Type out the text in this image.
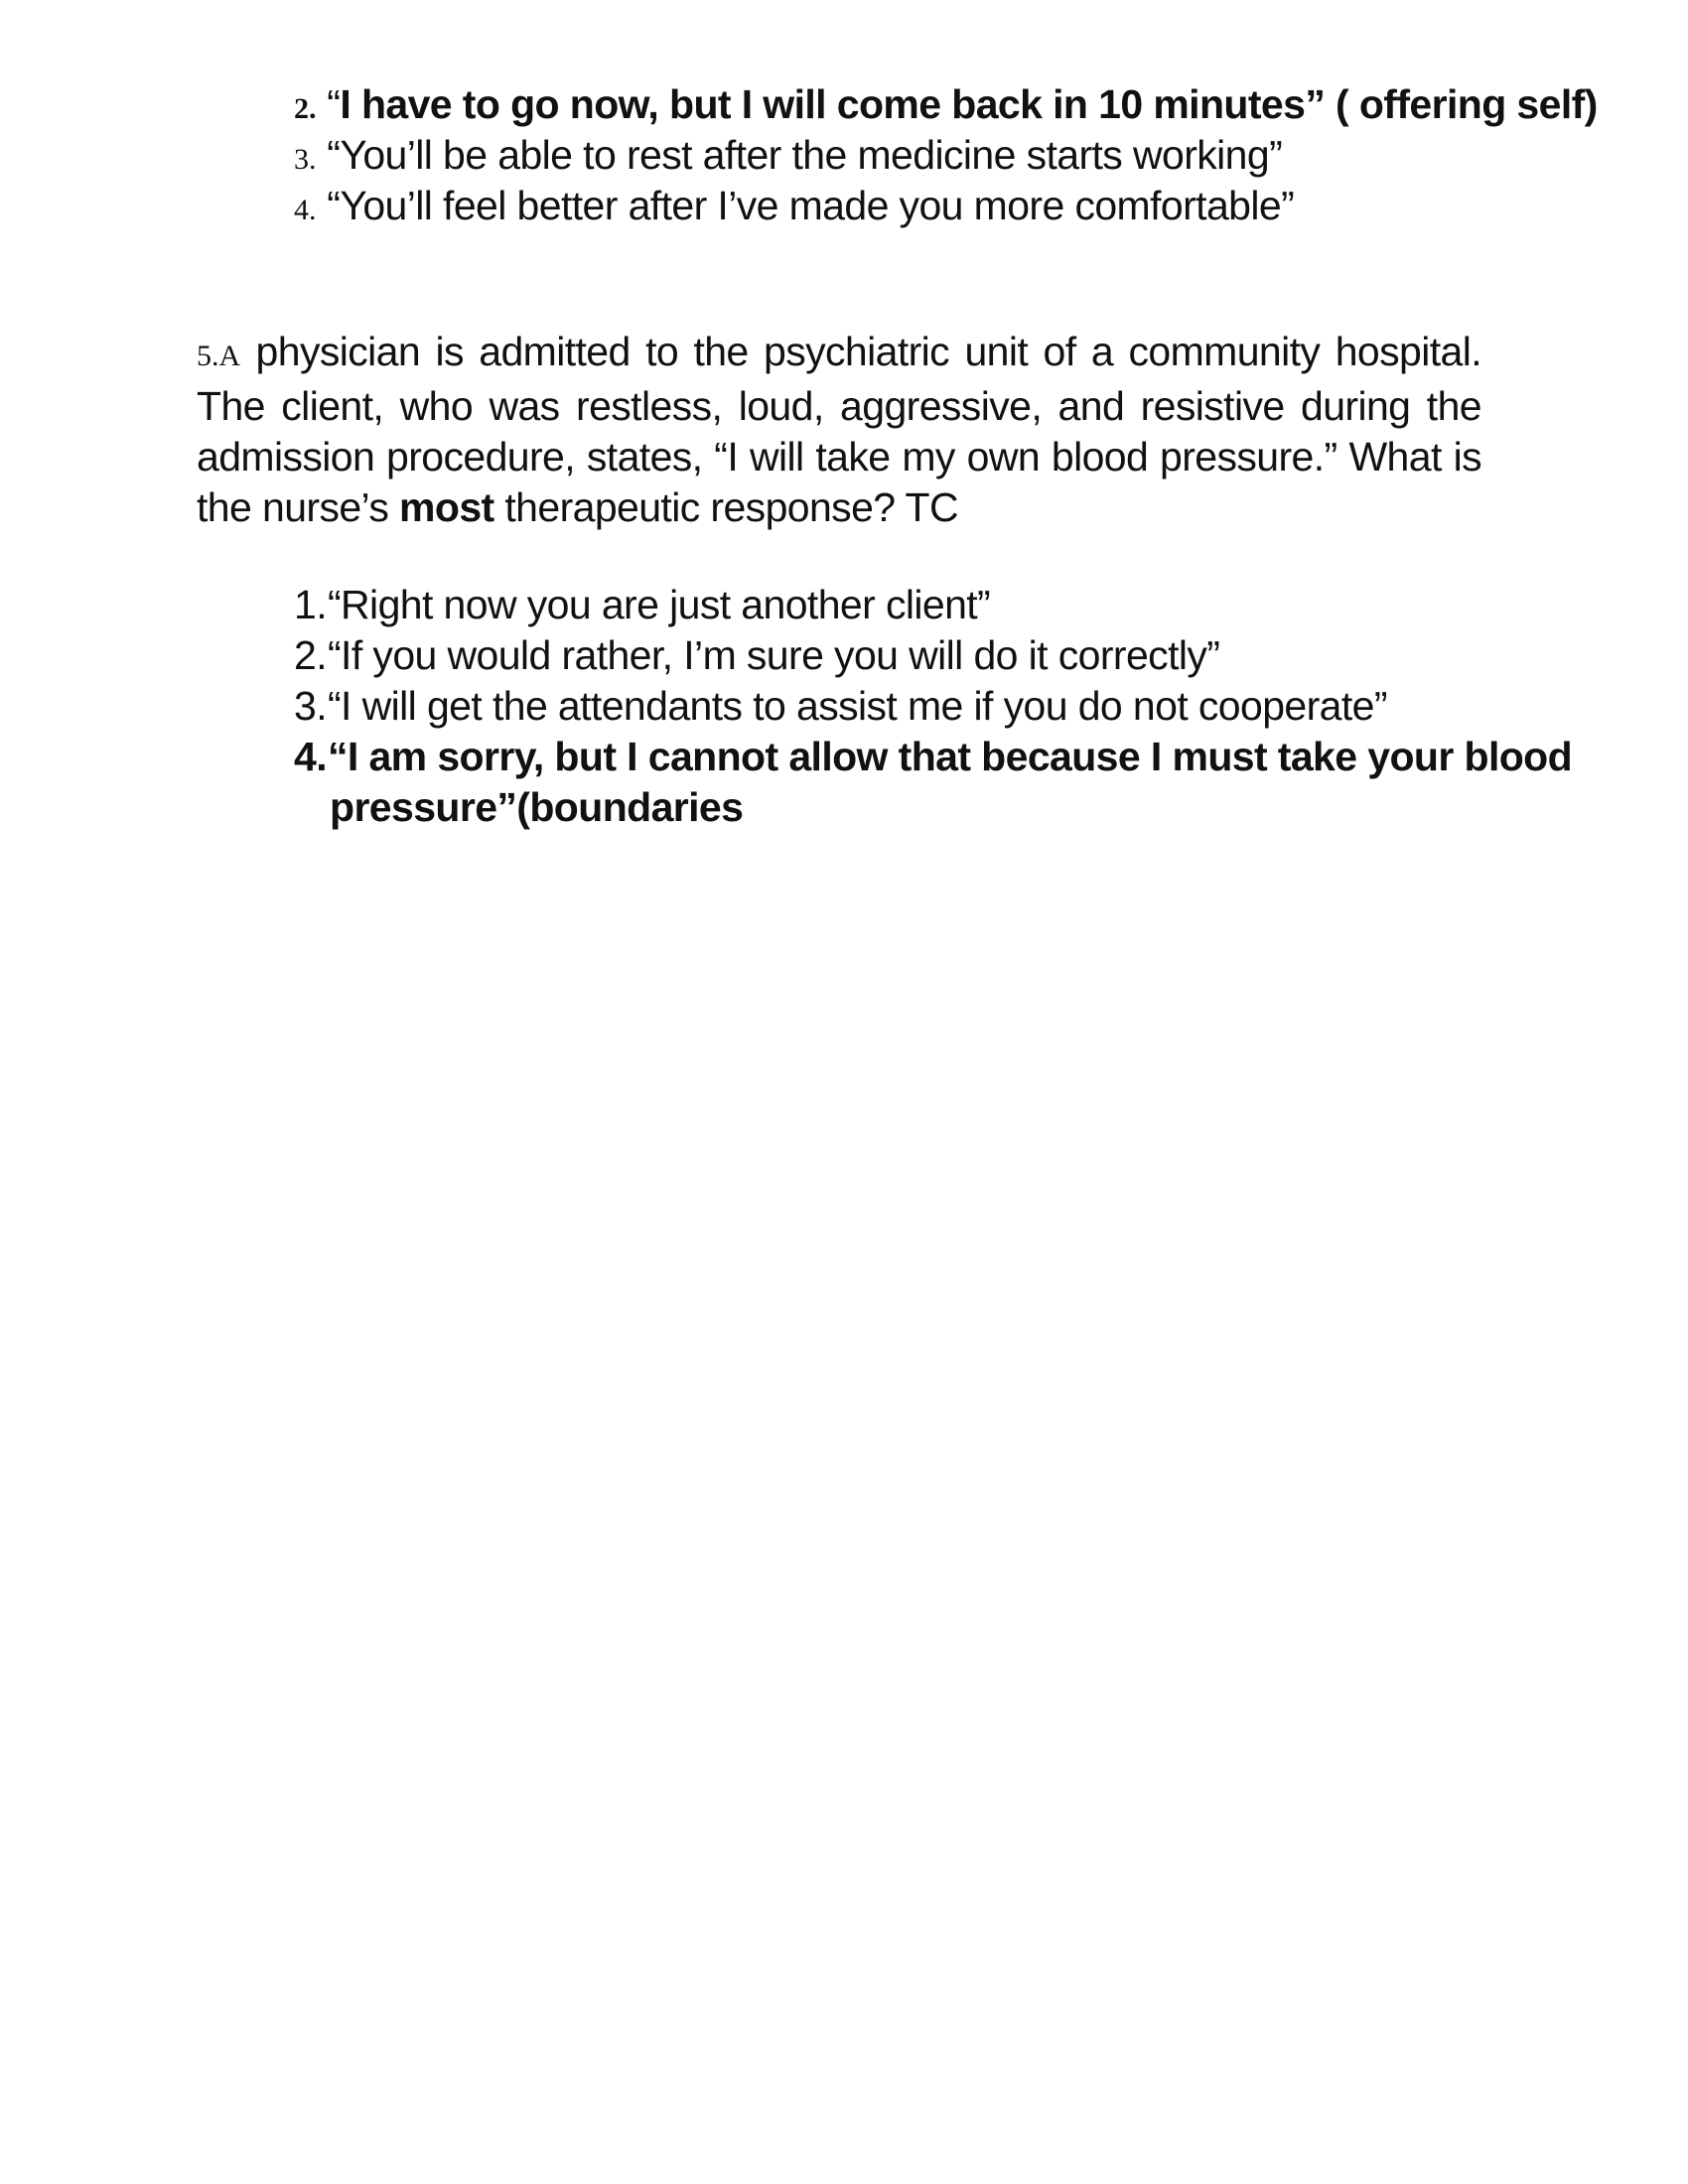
2. “I have to go now, but I will come back in 10 minutes” ( offering self)
3. “You’ll be able to rest after the medicine starts working”
4. “You’ll feel better after I’ve made you more comfortable”
5.A physician is admitted to the psychiatric unit of a community hospital. The client, who was restless, loud, aggressive, and resistive during the admission procedure, states, “I will take my own blood pressure.” What is the nurse’s most therapeutic response? TC
1.“Right now you are just another client”
2.“If you would rather, I’m sure you will do it correctly”
3.“I will get the attendants to assist me if you do not cooperate”
4.“I am sorry, but I cannot allow that because I must take your blood
pressure”(boundaries
